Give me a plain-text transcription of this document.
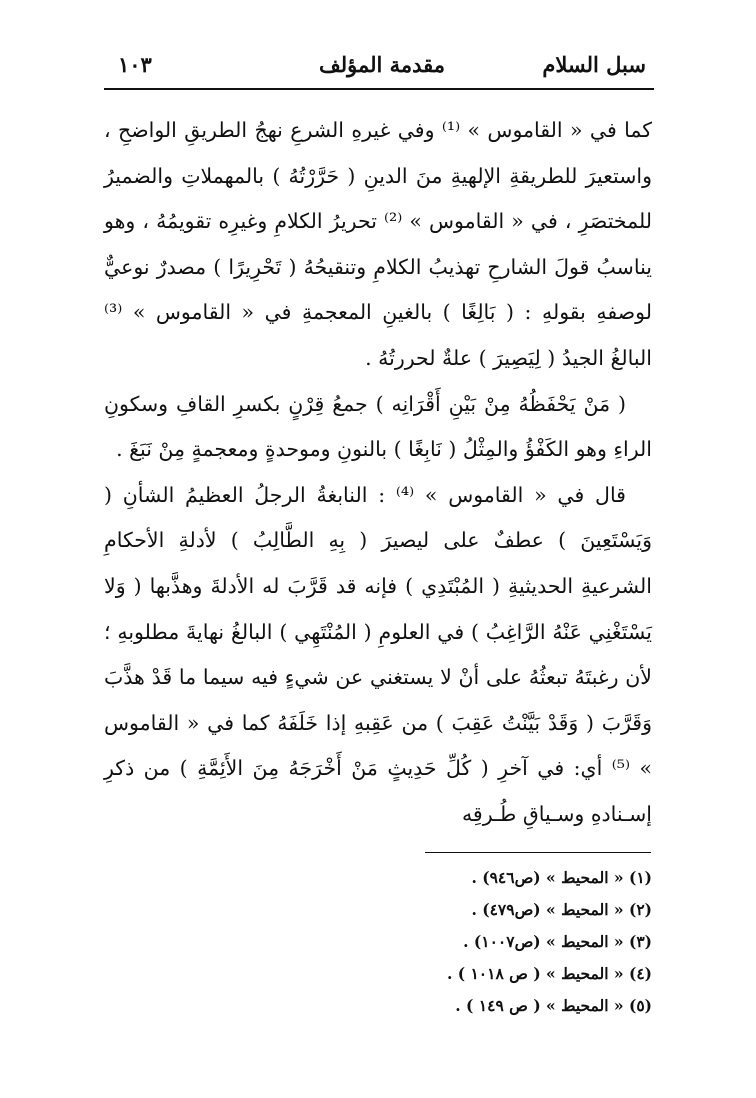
سبل السلام
مقدمة المؤلف
١٠٣

كما في « القاموس » ⁽¹⁾ وفي غيرهِ الشرعِ نهجُ الطريقِ الواضحِ ، واستعيرَ للطريقةِ الإلهيةِ منَ الدينِ ( حَرَّرْتُهُ ) بالمهملاتِ والضميرُ للمختصَرِ ، في « القاموس » ⁽²⁾ تحريرُ الكلامِ وغيرِه تقويمُهُ ، وهو يناسبُ قولَ الشارحِ تهذيبُ الكلامِ وتنقيحُهُ ( تَحْرِيرًا ) مصدرٌ نوعيٌّ لوصفهِ بقولهِ : ( بَالِغًا ) بالغينِ المعجمةِ في « القاموس » ⁽³⁾ البالغُ الجيدُ ( لِيَصِيرَ ) علةٌ لحررتُهُ .

( مَنْ يَحْفَظُهُ مِنْ بَيْنِ أَقْرَانِه ) جمعُ قِرْنٍ بكسرِ القافِ وسكونِ الراءِ وهو الكَفْؤُ والمِثْلُ ( نَابِغًا ) بالنونِ وموحدةٍ ومعجمةٍ مِنْ نَبَغَ .

قال في « القاموس » ⁽⁴⁾ : النابغةُ الرجلُ العظيمُ الشأنِ ( وَيَسْتَعِينَ ) عطفٌ على ليصيرَ ( بِهِ الطَّالِبُ ) لأدلةِ الأحكامِ الشرعيةِ الحديثيةِ ( المُبْتَدِي ) فإنه قد قَرَّبَ له الأدلةَ وهذَّبها ( وَلا يَسْتَغْنِي عَنْهُ الرَّاغِبُ ) في العلومِ ( المُنْتَهِي ) البالغُ نهايةَ مطلوبهِ ؛ لأن رغبتَهُ تبعثُهُ على أنْ لا يستغني عن شيءٍ فيه سيما ما قَدْ هذَّبَ وَقَرَّبَ ( وَقَدْ بَيَّنْتُ عَقِبَ ) من عَقِبهِ إذا خَلَفَهُ كما في « القاموس » ⁽⁵⁾ أي: في آخرِ ( كُلِّ حَدِيثٍ مَنْ أَخْرَجَهُ مِنَ الأَئِمَّةِ ) من ذكرِ إسـنادهِ وسـياقِ طُـرقِه

(١) « المحيط » (ص٩٤٦) .
(٢) « المحيط » (ص٤٧٩) .
(٣) « المحيط » (ص١٠٠٧) .
(٤) « المحيط » ( ص ١٠١٨ ) .
(٥) « المحيط » ( ص ١٤٩ ) .
